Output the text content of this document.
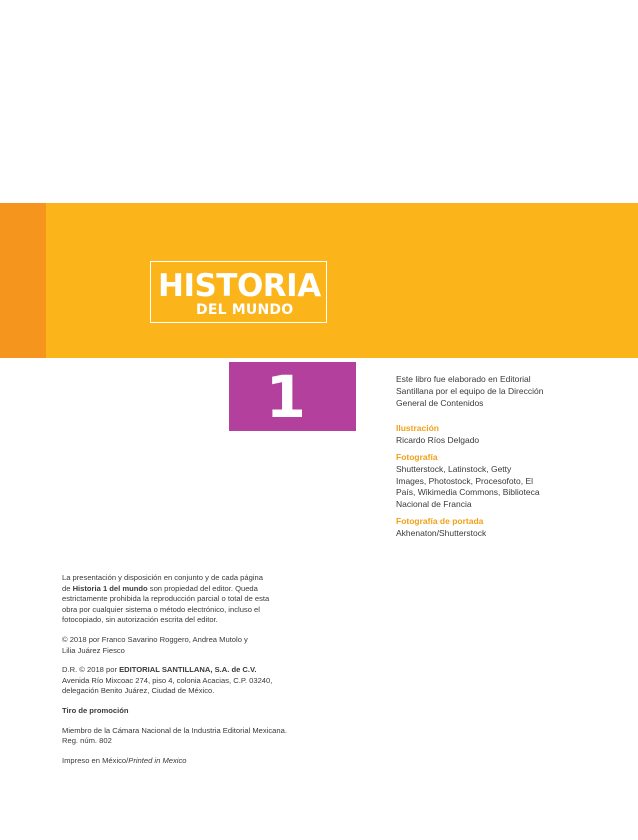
HISTORIA
DEL MUNDO
1	Este libro fue elaborado en Editorial

Santillana por el equipo de la Dirección

General de Contenidos

Ilustración

Ricardo Ríos Delgado

Fotografía

Shutterstock, Latinstock, Getty

Images, Photostock, Procesofoto, El

País, Wikimedia Commons, Biblioteca

Nacional de Francia

Fotografía de portada

Akhenaton/Shutterstock

La presentación y disposición en conjunto y de cada página
de Historia 1 del mundo son propiedad del editor. Queda
estrictamente prohibida la reproducción parcial o total de esta
obra por cualquier sistema o método electrónico, incluso el
fotocopiado, sin autorización escrita del editor.

© 2018 por Franco Savarino Roggero, Andrea Mutolo y
Lilia Juárez Fiesco

D.R. © 2018 por EDITORIAL SANTILLANA, S.A. de C.V.
Avenida Río Mixcoac 274, piso 4, colonia Acacias, C.P. 03240,
delegación Benito Juárez, Ciudad de México.

Tiro de promoción

Miembro de la Cámara Nacional de la Industria Editorial Mexicana.
Reg. núm. 802

Impreso en México/Printed in Mexico
